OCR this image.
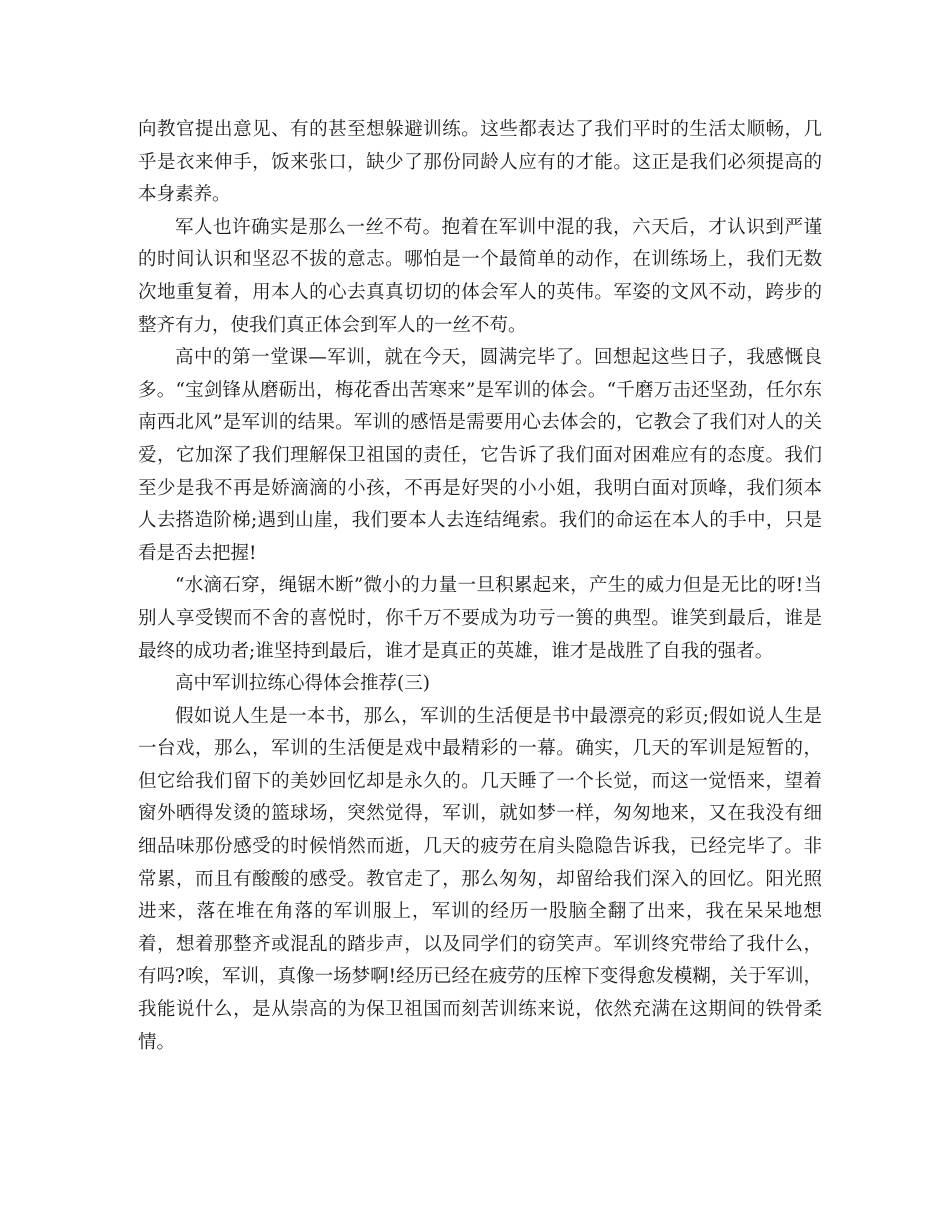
向教官提出意见、有的甚至想躲避训练。这些都表达了我们平时的生活太顺畅，几乎是衣来伸手，饭来张口，缺少了那份同龄人应有的才能。这正是我们必须提高的本身素养。

军人也许确实是那么一丝不苟。抱着在军训中混的我，六天后，才认识到严谨的时间认识和坚忍不拔的意志。哪怕是一个最简单的动作，在训练场上，我们无数次地重复着，用本人的心去真真切切的体会军人的英伟。军姿的文风不动，跨步的整齐有力，使我们真正体会到军人的一丝不苟。

高中的第一堂课—军训，就在今天，圆满完毕了。回想起这些日子，我感慨良多。“宝剑锋从磨砺出，梅花香出苦寒来”是军训的体会。“千磨万击还坚劲，任尔东南西北风”是军训的结果。军训的感悟是需要用心去体会的，它教会了我们对人的关爱，它加深了我们理解保卫祖国的责任，它告诉了我们面对困难应有的态度。我们至少是我不再是娇滴滴的小孩，不再是好哭的小小姐，我明白面对顶峰，我们须本人去搭造阶梯;遇到山崖，我们要本人去连结绳索。我们的命运在本人的手中，只是看是否去把握!

“水滴石穿，绳锯木断”微小的力量一旦积累起来，产生的威力但是无比的呀!当别人享受锲而不舍的喜悦时，你千万不要成为功亏一篑的典型。谁笑到最后，谁是最终的成功者;谁坚持到最后，谁才是真正的英雄，谁才是战胜了自我的强者。

高中军训拉练心得体会推荐(三)

假如说人生是一本书，那么，军训的生活便是书中最漂亮的彩页;假如说人生是一台戏，那么，军训的生活便是戏中最精彩的一幕。确实，几天的军训是短暂的，但它给我们留下的美妙回忆却是永久的。几天睡了一个长觉，而这一觉悟来，望着窗外晒得发烫的篮球场，突然觉得，军训，就如梦一样，匆匆地来，又在我没有细细品味那份感受的时候悄然而逝，几天的疲劳在肩头隐隐告诉我，已经完毕了。非常累，而且有酸酸的感受。教官走了，那么匆匆，却留给我们深入的回忆。阳光照进来，落在堆在角落的军训服上，军训的经历一股脑全翻了出来，我在呆呆地想着，想着那整齐或混乱的踏步声，以及同学们的窃笑声。军训终究带给了我什么，有吗?唉，军训，真像一场梦啊!经历已经在疲劳的压榨下变得愈发模糊，关于军训，我能说什么，是从崇高的为保卫祖国而刻苦训练来说，依然充满在这期间的铁骨柔情。
